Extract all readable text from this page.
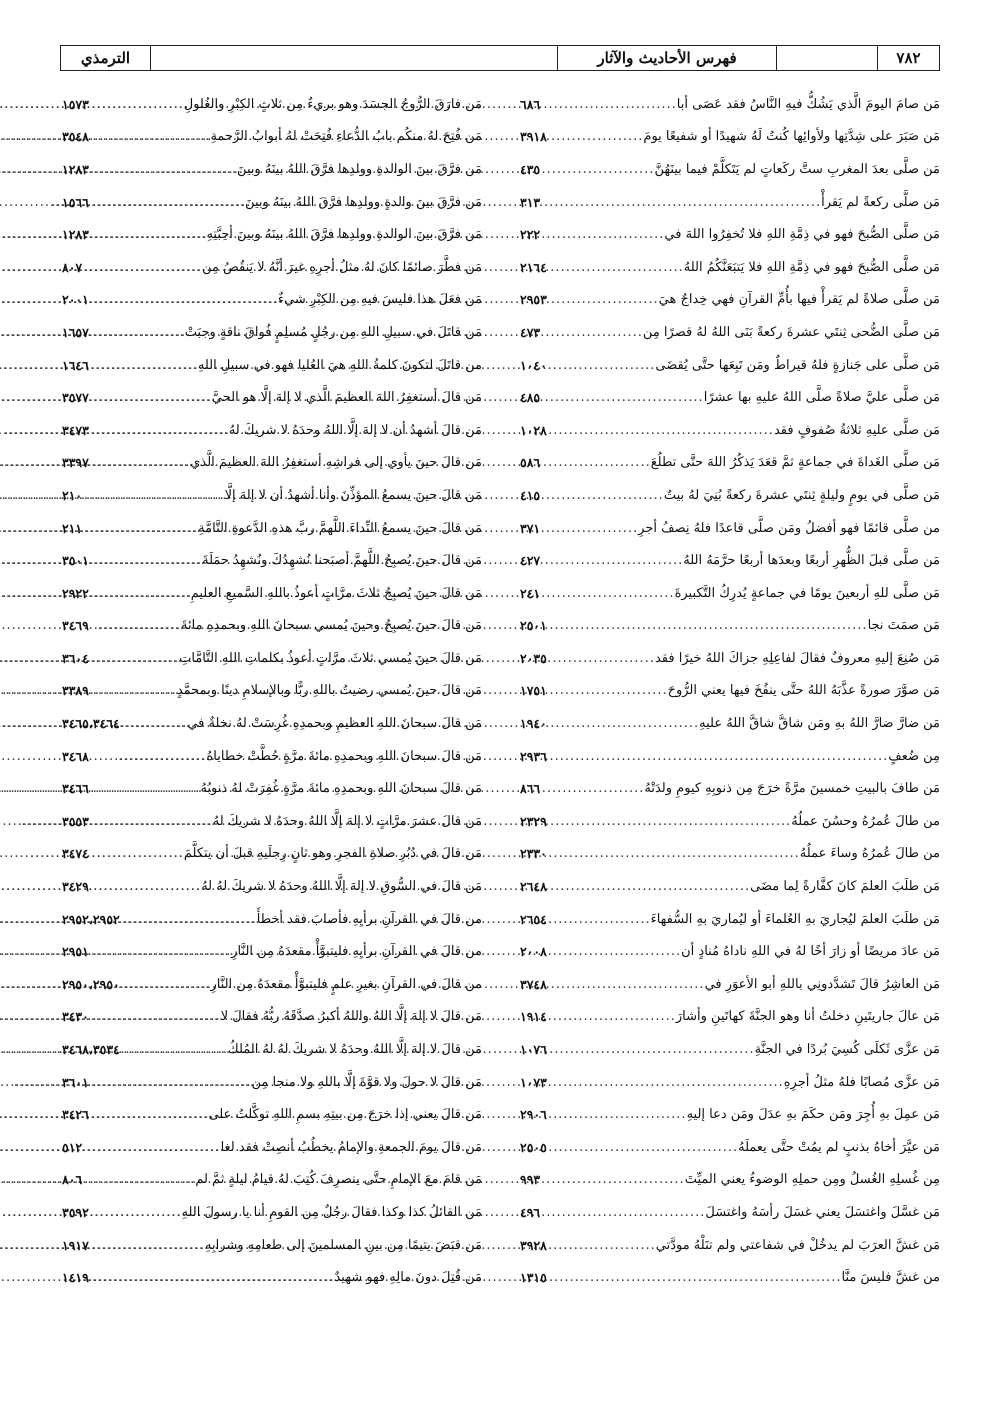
٧٨٢
فهرس الأحاديث والآثار
الترمذي
مَن صامَ اليومَ الَّذي يَشُكُّ فيهِ النَّاسُ فقد عَصَى أبا
.....
٦٨٦
مَن صَبَرَ على شِدَّتِها ولأوائِها كُنتُ لَهُ شهيدًا أو شفيعًا يومَ
.....
٣٩١٨
مَن صلَّى بعدَ المغربِ ستَّ ركَعاتٍ لم يَتَكلَّمْ فيما بينَهُنَّ
.....
٤٣٥
مَن صلَّى ركعةً لم يَقرأْ
.....
٣١٣
مَن صلَّى الصُّبحَ فهو في ذِمَّةِ اللهِ فلا تُخفِرُوا اللهَ في
.....
٢٢٢
مَن صلَّى الصُّبحَ فهو في ذِمَّةِ اللهِ فلا يَتبَعَنَّكُمُ اللهُ
.....
٢١٦٤
مَن صلَّى صلاةً لم يَقرأْ فيها بأُمِّ القرآنِ فهي خِداجٌ هيَ
.....
٢٩٥٣
مَن صلَّى الضُّحى ثِنتَي عشرةَ ركعةً بَنَى اللهُ لهُ قصرًا مِن
.....
٤٧٣
مَن صلَّى على جَنازةٍ فلهُ قيراطٌ ومَن تَبِعَها حتَّى يُقضَى
.....
١٠٤٠
مَن صلَّى عليَّ صلاةً صلَّى اللهُ عليهِ بها عشرًا
.....
٤٨٥
مَن صلَّى عليهِ ثلاثةُ صُفوفٍ فقد
.....
١٠٢٨
مَن صلَّى الغَداةَ في جماعةٍ ثمَّ قعَدَ يَذكُرُ اللهَ حتَّى تطلُعَ
.....
٥٨٦
مَن صلَّى في يومٍ وليلةٍ ثِنتَي عشرةَ ركعةً بُنِيَ لهُ بيتٌ
.....
٤١٥
من صلَّى قائمًا فهو أفضلُ ومَن صلَّى قاعدًا فلهُ نِصفُ أجرِ
.....
٣٧١
مَن صلَّى قبلَ الظُّهرِ أربعًا وبعدَها أربعًا حرَّمَهُ اللهُ
.....
٤٢٧
مَن صلَّى للهِ أربعينَ يومًا في جماعةٍ يُدرِكُ التَّكبيرةَ
.....
٢٤١
مَن صمَتَ نجا
.....
٢٥٠١
مَن صُنِعَ إليهِ معروفٌ فقالَ لفاعِلِهِ جزاكَ اللهُ خيرًا فقد
.....
٢٠٣٥
مَن صوَّرَ صورةً عذَّبَهُ اللهُ حتَّى ينفُخَ فيها يعني الرُّوحَ
.....
١٧٥١
مَن ضارَّ ضارَّ اللهُ بهِ ومَن شاقَّ شاقَّ اللهُ عليهِ
.....
١٩٤٠
مِن ضُعفٍ
.....
٢٩٣٦
مَن طافَ بالبيتِ خمسينَ مرَّةً خرَجَ مِن ذنوبِهِ كيومِ ولدَتْهُ
.....
٨٦٦
من طالَ عُمرُهُ وحسُنَ عملُهُ
.....
٢٣٢٩
من طالَ عُمرُهُ وساءَ عملُهُ
.....
٢٣٣٠
مَن طلَبَ العلمَ كانَ كفَّارةً لِما مضَى
.....
٢٦٤٨
مَن طلَبَ العلمَ ليُجاريَ بهِ العُلماءَ أو ليُماريَ بهِ السُّفهاءَ
.....
٢٦٥٤
مَن عادَ مريضًا أو زارَ أخًا لهُ في اللهِ ناداهُ مُنادٍ أن
.....
٢٠٠٨
مَن العاشِرُ قالَ تَشدَّدونِي باللهِ أبو الأعوَرِ في
.....
٣٧٤٨
مَن عالَ جاريتَينِ دخلتُ أنا وهو الجنَّةَ كهاتَينِ وأشارَ
.....
١٩١٤
مَن عزَّى ثَكلَى كُسِيَ بُردًا في الجنَّةِ
.....
١٠٧٦
مَن عزَّى مُصابًا فلهُ مثلُ أجرِهِ
.....
١٠٧٣
مَن عمِلَ بهِ أُجِرَ ومَن حكَمَ بهِ عدَلَ ومَن دعا إليهِ
.....
٢٩٠٦
مَن عيَّرَ أخاهُ بذنبٍ لم يمُتْ حتَّى يعملَهُ
.....
٢٥٠٥
مِن غُسلِهِ الغُسلُ ومِن حملِهِ الوضوءُ يعني الميِّتَ
.....
٩٩٣
مَن غسَّلَ واغتسَلَ يعني غسَلَ رأسَهُ واغتسَلَ
.....
٤٩٦
مَن غشَّ العرَبَ لم يدخُلْ في شفاعتي ولم تنَلْهُ مودَّتي
.....
٣٩٢٨
من غشَّ فليسَ منَّا
.....
١٣١٥
مَن فارَقَ الرُّوحُ الجسَدَ وهو بريءٌ مِن ثلاثٍ الكِبْرِ والغُلولِ
.....
١٥٧٣
مَن فُتِحَ لهُ منكُم بابُ الدُّعاءِ فُتِحَتْ لهُ أبوابُ الرَّحمةِ
.....
٣٥٤٨
مَن فرَّقَ بينَ الوالدةِ وولدِها فرَّقَ اللهُ بينَهُ وبينَ
.....
١٢٨٣
مَن فرَّقَ بينَ والدةٍ وولدِها فرَّقَ اللهُ بينَهُ وبينَ
.....
١٥٦٦
مَن فرَّقَ بينَ الوالدةِ وولدِها فرَّقَ اللهُ بينَهُ وبينَ أحِبَّتِهِ
.....
١٢٨٣
مَن فطَّرَ صائمًا كانَ لهُ مثلُ أجرِهِ غيرَ أنَّهُ لا يَنقُصُ مِن
.....
٨٠٧
مَن فعَلَ هذا فليسَ فيهِ مِن الكِبْرِ شيءٌ
.....
٢٠٠١
مَن قاتَلَ في سبيلِ اللهِ مِن رجُلٍ مُسلِمٍ فُواقَ ناقةٍ وجبَتْ
.....
١٦٥٧
من قاتَلَ لتكونَ كلمةُ اللهِ هيَ العُليا فهو في سبيلِ اللهِ
.....
١٦٤٦
مَن قالَ أستغفِرُ اللهَ العظيمَ الَّذي لا إلهَ إلَّا هو الحيَّ
.....
٣٥٧٧
مَن قالَ أشهدُ أن لا إلهَ إلَّا اللهُ وحدَهُ لا شريكَ لهُ
.....
٣٤٧٣
مَن قالَ حينَ يأوي إلى فراشِهِ أستغفِرُ اللهَ العظيمَ الَّذي
.....
٣٣٩٧
مَن قالَ حينَ يسمعُ المؤذِّنَ وأنا أشهدُ أن لا إلهَ إلَّا
.....
٢١٠
مَن قالَ حينَ يسمعُ النِّداءَ اللَّهمَّ ربَّ هذهِ الدَّعوةِ التَّامَّةِ
.....
٢١١
مَن قالَ حينَ يُصبِحُ اللَّهمَّ أصبَحنا نُشهِدُكَ ونُشهِدُ حمَلَةَ
.....
٣٥٠١
مَن قالَ حينَ يُصبِحُ ثلاثَ مرَّاتٍ أعوذُ باللهِ السَّميعِ العليمِ
.....
٢٩٢٢
مَن قالَ حينَ يُصبِحُ وحينَ يُمسي سبحانَ اللهِ وبحمدِهِ مائةَ
.....
٣٤٦٩
مَن قالَ حينَ يُمسي ثلاثَ مرَّاتٍ أعوذُ بكلماتِ اللهِ التَّامَّاتِ
.....
٣٦٠٤
مَن قالَ حينَ يُمسي رضيتُ باللهِ ربًّا وبالإسلامِ دينًا وبمحمَّدٍ
.....
٣٣٨٩
مَن قالَ سبحانَ اللهِ العظيمِ وبحمدِهِ غُرِسَتْ لهُ نخلةٌ في
.....
٣٤٦٥،٣٤٦٤
مَن قالَ سبحانَ اللهِ وبحمدِهِ مائةَ مرَّةٍ حُطَّتْ خطاياهُ
.....
٣٤٦٨
مَن قالَ سبحانَ اللهِ وبحمدِهِ مائةَ مرَّةٍ غُفِرَتْ لهُ ذنوبُهُ
.....
٣٤٦٦
مَن قالَ عشرَ مرَّاتٍ لا إلهَ إلَّا اللهُ وحدَهُ لا شريكَ لهُ
.....
٣٥٥٣
مَن قالَ في دُبُرِ صلاةِ الفجرِ وهو ثانٍ رِجلَيهِ قبلَ أن يتكلَّمَ
.....
٣٤٧٤
مَن قالَ في السُّوقِ لا إلهَ إلَّا اللهُ وحدَهُ لا شريكَ لهُ لهُ
.....
٣٤٢٩
من قالَ في القرآنِ برأيِهِ فأصابَ فقد أخطأَ
.....
٢٩٥٢،٢٩٥٢
من قالَ في القرآنِ برأيِهِ فليتبوَّأْ مقعدَهُ مِن النَّارِ
.....
٢٩٥١
من قالَ في القرآنِ بغيرِ علمٍ فليتبوَّأْ مقعدَهُ مِن النَّارِ
.....
٢٩٥٠،٢٩٥٠
مَن قالَ لا إلهَ إلَّا اللهُ واللهُ أكبرُ صدَّقَهُ ربُّهُ فقالَ لا
.....
٣٤٣٠
مَن قالَ لا إلهَ إلَّا اللهُ وحدَهُ لا شريكَ لهُ لهُ المُلكُ
.....
٣٤٦٨،٣٥٣٤
مَن قالَ لا حولَ ولا قوَّةَ إلَّا باللهِ ولا منجا مِن
.....
٣٦٠١
مَن قالَ يعني إذا خرَجَ مِن بيتِهِ بسمِ اللهِ توكَّلتُ على
.....
٣٤٢٦
مَن قالَ يومَ الجمعةِ والإمامُ يخطُبُ أنصِتْ فقد لغا
.....
٥١٢
مَن قامَ معَ الإمامِ حتَّى ينصرِفَ كُتِبَ لهُ قيامُ ليلةٍ ثمَّ لم
.....
٨٠٦
مَن القائلُ كذا وكذا فقالَ رجُلٌ مِن القومِ أنا يا رسولَ اللهِ
.....
٣٥٩٢
مَن قبَضَ يتيمًا مِن بينِ المسلمينَ إلى طعامِهِ وشرابِهِ
.....
١٩١٧
مَن قُتِلَ دونَ مالِهِ فهو شهيدٌ
.....
١٤١٩
